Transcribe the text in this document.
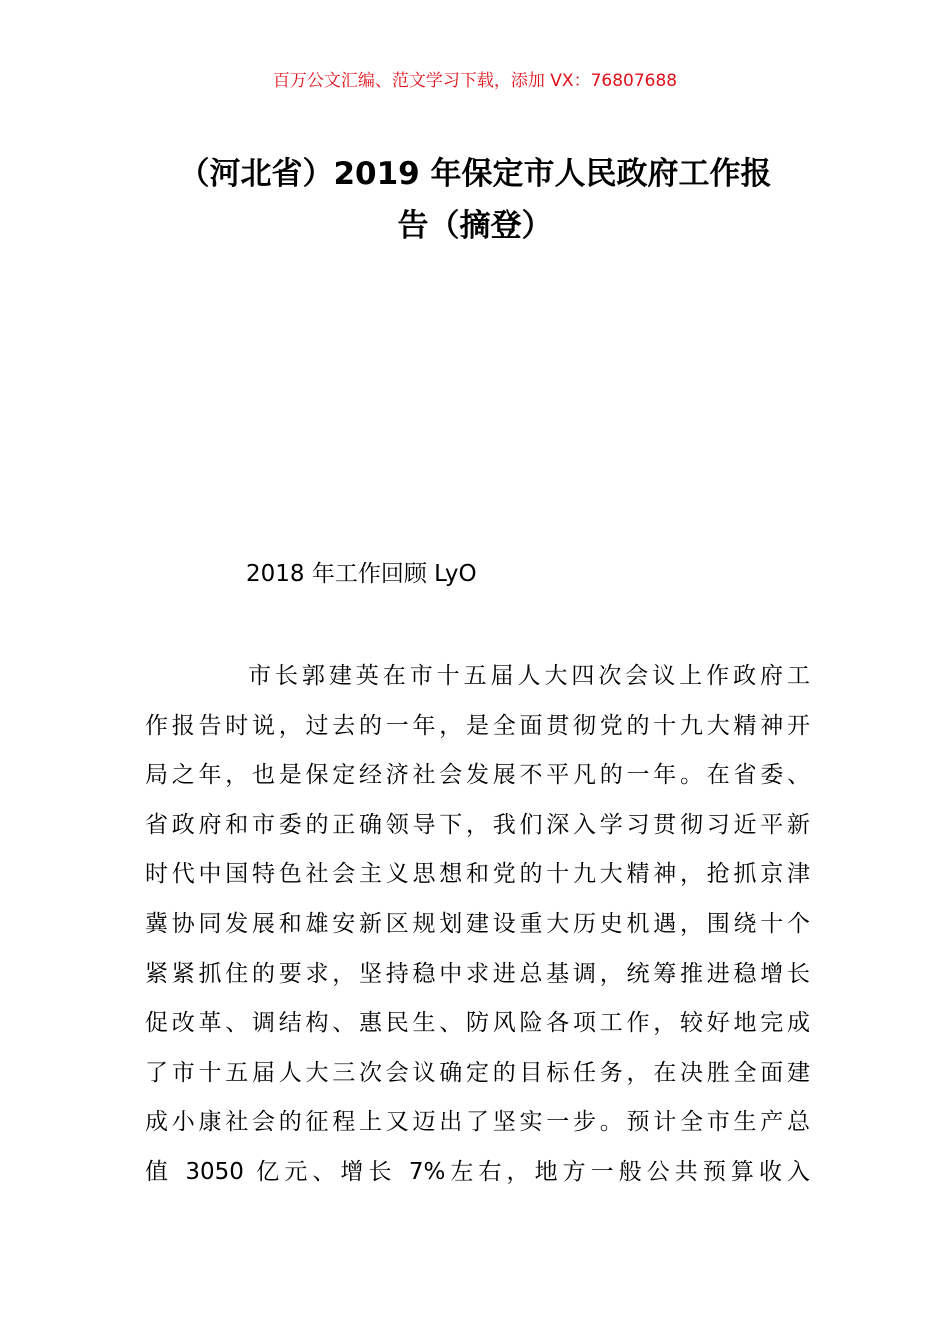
百万公文汇编、范文学习下载，添加 VX：76807688
（河北省）2019 年保定市人民政府工作报
告（摘登）
2018 年工作回顾 LyO
市长郭建英在市十五届人大四次会议上作政府工
作报告时说，过去的一年，是全面贯彻党的十九大精神开
局之年，也是保定经济社会发展不平凡的一年。在省委、
省政府和市委的正确领导下，我们深入学习贯彻习近平新
时代中国特色社会主义思想和党的十九大精神，抢抓京津
冀协同发展和雄安新区规划建设重大历史机遇，围绕十个
紧紧抓住的要求，坚持稳中求进总基调，统筹推进稳增长
促改革、调结构、惠民生、防风险各项工作，较好地完成
了市十五届人大三次会议确定的目标任务，在决胜全面建
成小康社会的征程上又迈出了坚实一步。预计全市生产总
值 3050 亿元、增长 7%左右，地方一般公共预算收入
